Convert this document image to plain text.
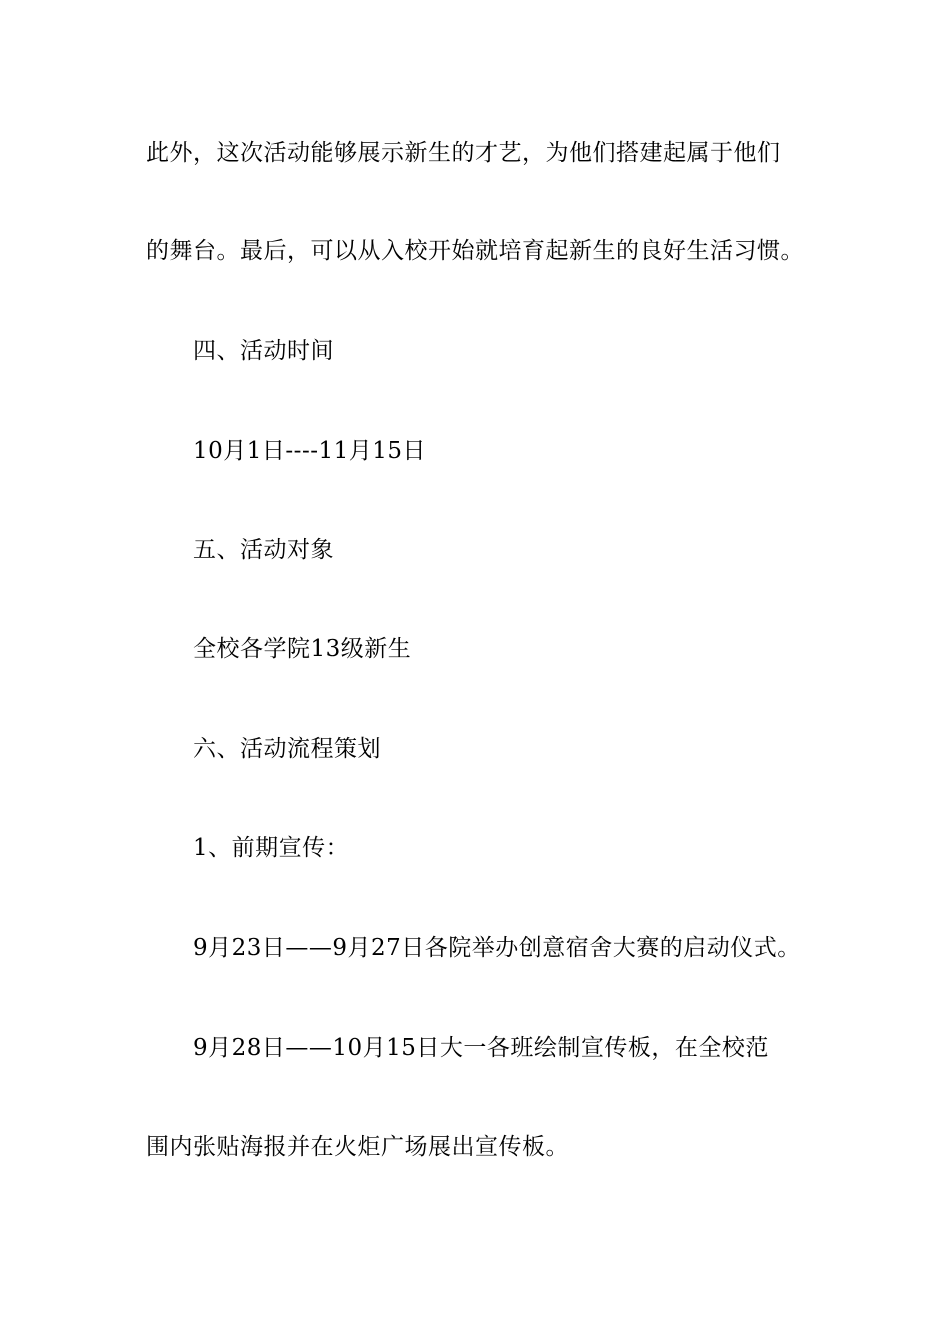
此外，这次活动能够展示新生的才艺，为他们搭建起属于他们
的舞台。最后，可以从入校开始就培育起新生的良好生活习惯。
四、活动时间
10月1日----11月15日
五、活动对象
全校各学院13级新生
六、活动流程策划
1、前期宣传：
9月23日——9月27日各院举办创意宿舍大赛的启动仪式。
9月28日——10月15日大一各班绘制宣传板，在全校范
围内张贴海报并在火炬广场展出宣传板。
